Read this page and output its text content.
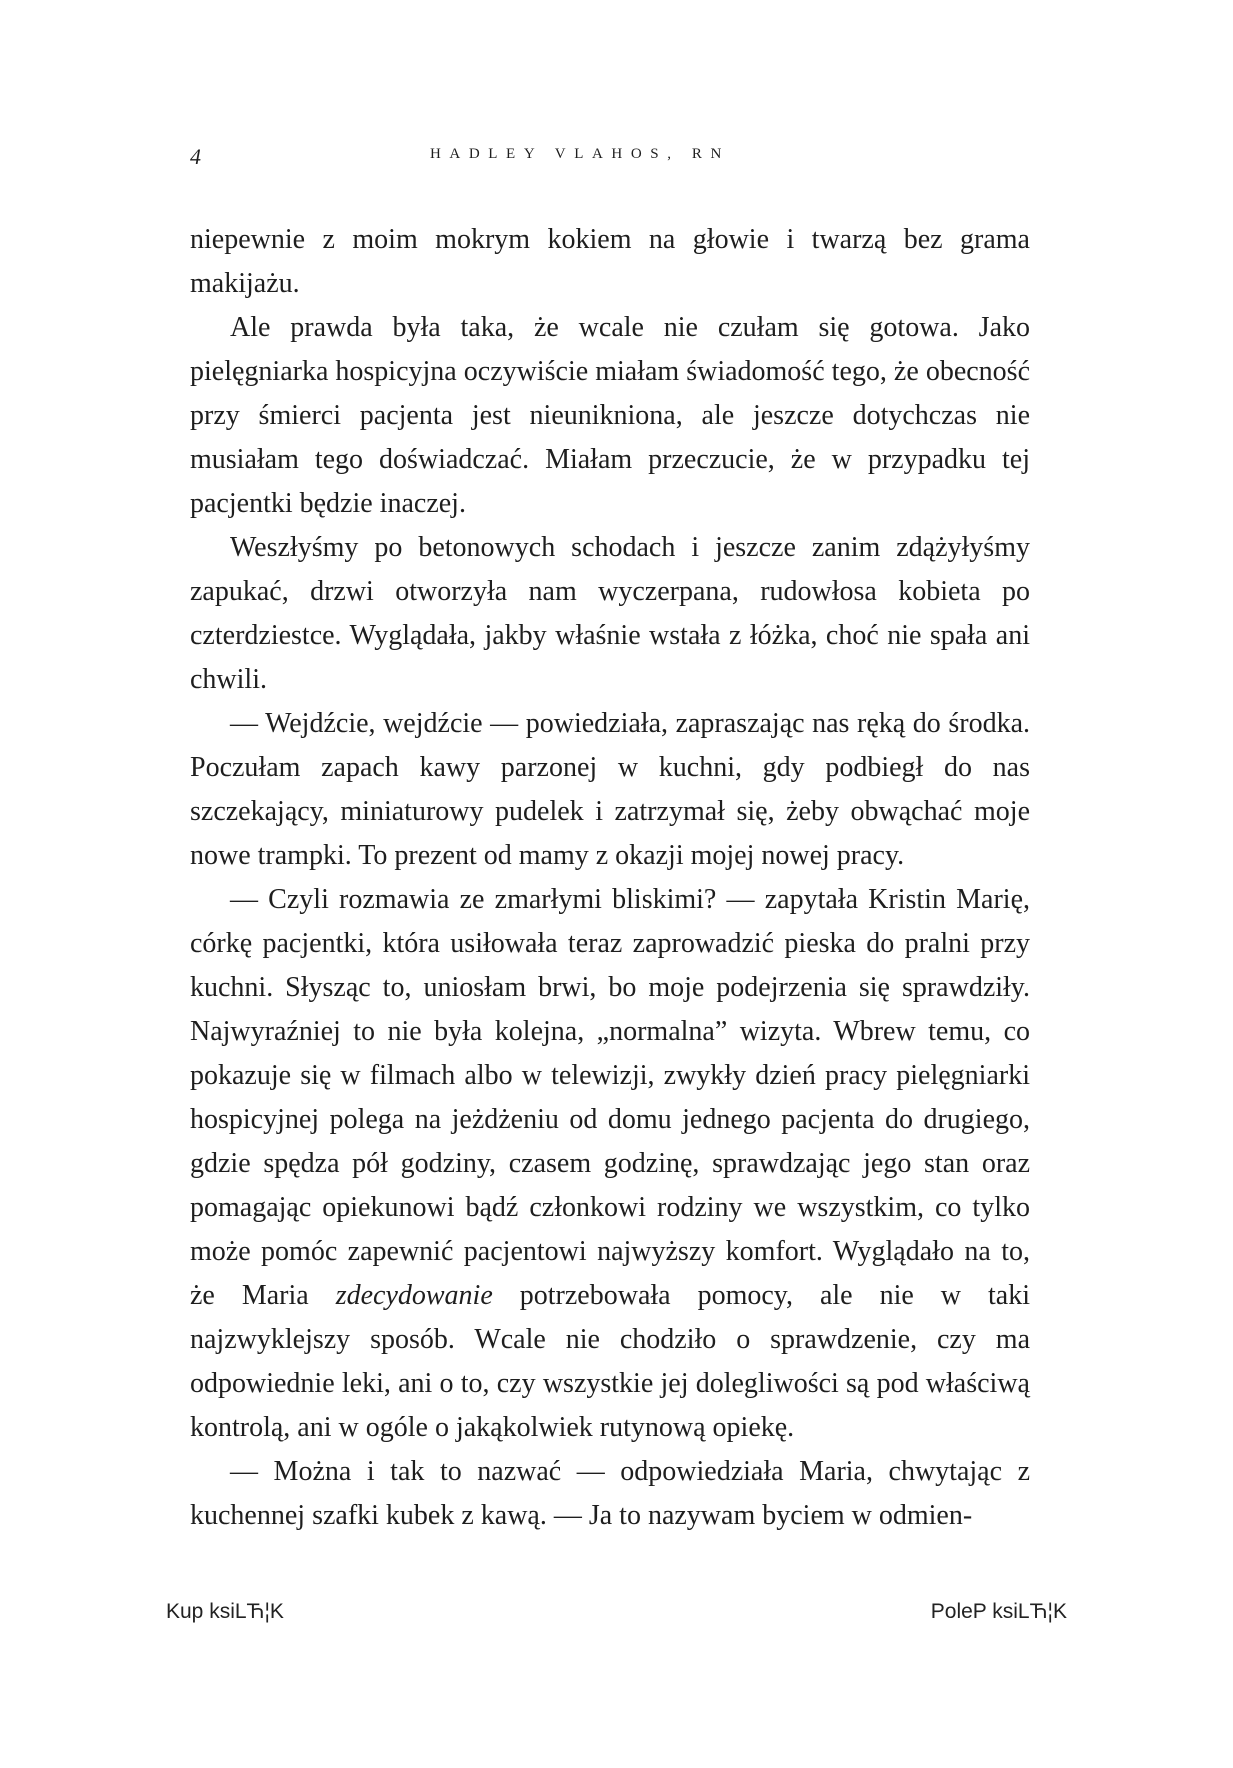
4	HADLEY VLAHOS, RN

niepewnie z moim mokrym kokiem na głowie i twarzą bez grama makijażu.

Ale prawda była taka, że wcale nie czułam się gotowa. Jako pielęgniarka hospicyjna oczywiście miałam świadomość tego, że obecność przy śmierci pacjenta jest nieunikniona, ale jeszcze dotychczas nie musiałam tego doświadczać. Miałam przeczucie, że w przypadku tej pacjentki będzie inaczej.

Weszłyśmy po betonowych schodach i jeszcze zanim zdążyłyśmy zapukać, drzwi otworzyła nam wyczerpana, rudowłosa kobieta po czterdziestce. Wyglądała, jakby właśnie wstała z łóżka, choć nie spała ani chwili.

— Wejdźcie, wejdźcie — powiedziała, zapraszając nas ręką do środka. Poczułam zapach kawy parzonej w kuchni, gdy podbiegł do nas szczekający, miniaturowy pudelek i zatrzymał się, żeby obwąchać moje nowe trampki. To prezent od mamy z okazji mojej nowej pracy.

— Czyli rozmawia ze zmarłymi bliskimi? — zapytała Kristin Marię, córkę pacjentki, która usiłowała teraz zaprowadzić pieska do pralni przy kuchni. Słysząc to, uniosłam brwi, bo moje podejrzenia się sprawdziły. Najwyraźniej to nie była kolejna, „normalna” wizyta. Wbrew temu, co pokazuje się w filmach albo w telewizji, zwykły dzień pracy pielęgniarki hospicyjnej polega na jeżdżeniu od domu jednego pacjenta do drugiego, gdzie spędza pół godziny, czasem godzinę, sprawdzając jego stan oraz pomagając opiekunowi bądź członkowi rodziny we wszystkim, co tylko może pomóc zapewnić pacjentowi najwyższy komfort. Wyglądało na to, że Maria zdecydowanie potrzebowała pomocy, ale nie w taki najzwyklejszy sposób. Wcale nie chodziło o sprawdzenie, czy ma odpowiednie leki, ani o to, czy wszystkie jej dolegliwości są pod właściwą kontrolą, ani w ogóle o jakąkolwiek rutynową opiekę.

— Można i tak to nazwać — odpowiedziała Maria, chwytając z kuchennej szafki kubek z kawą. — Ja to nazywam byciem w odmien-

Kup ksiLЋ¦K	PoleP ksiLЋ¦K
